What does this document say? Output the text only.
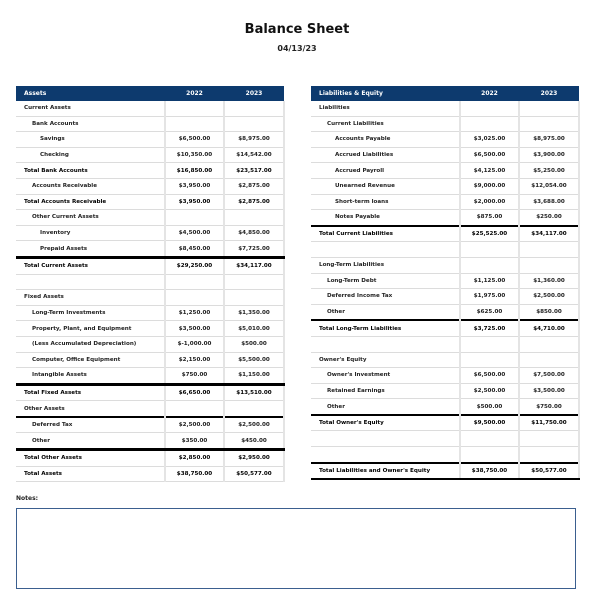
Balance Sheet
04/13/23
Assets	2022	2023
Current Assets		
Bank Accounts		
Savings	$6,500.00	$8,975.00
Checking	$10,350.00	$14,542.00
Total Bank Accounts	$16,850.00	$23,517.00
Accounts Receivable	$3,950.00	$2,875.00
Total Accounts Receivable	$3,950.00	$2,875.00
Other Current Assets		
Inventory	$4,500.00	$4,850.00
Prepaid Assets	$8,450.00	$7,725.00
Total Current Assets	$29,250.00	$34,117.00

Fixed Assets		
Long-Term Investments	$1,250.00	$1,350.00
Property, Plant, and Equipment	$3,500.00	$5,010.00
(Less Accumulated Depreciation)	$-1,000.00	$500.00
Computer, Office Equipment	$2,150.00	$5,500.00
Intangible Assets	$750.00	$1,150.00
Total Fixed Assets	$6,650.00	$13,510.00
Other Assets		
Deferred Tax	$2,500.00	$2,500.00
Other	$350.00	$450.00
Total Other Assets	$2,850.00	$2,950.00
Total Assets	$38,750.00	$50,577.00
Liabilities & Equity	2022	2023
Liabilities		
Current Liabilities		
Accounts Payable	$3,025.00	$8,975.00
Accrued Liabilities	$6,500.00	$3,900.00
Accrued Payroll	$4,125.00	$5,250.00
Unearned Revenue	$9,000.00	$12,054.00
Short-term loans	$2,000.00	$3,688.00
Notes Payable	$875.00	$250.00
Total Current Liabilities	$25,525.00	$34,117.00

Long-Term Liabilities		
Long-Term Debt	$1,125.00	$1,360.00
Deferred Income Tax	$1,975.00	$2,500.00
Other	$625.00	$850.00
Total Long-Term Liabilities	$3,725.00	$4,710.00

Owner's Equity		
Owner's Investment	$6,500.00	$7,500.00
Retained Earnings	$2,500.00	$3,500.00
Other	$500.00	$750.00
Total Owner's Equity	$9,500.00	$11,750.00

Total Liabilities and Owner's Equity	$38,750.00	$50,577.00
Notes:
